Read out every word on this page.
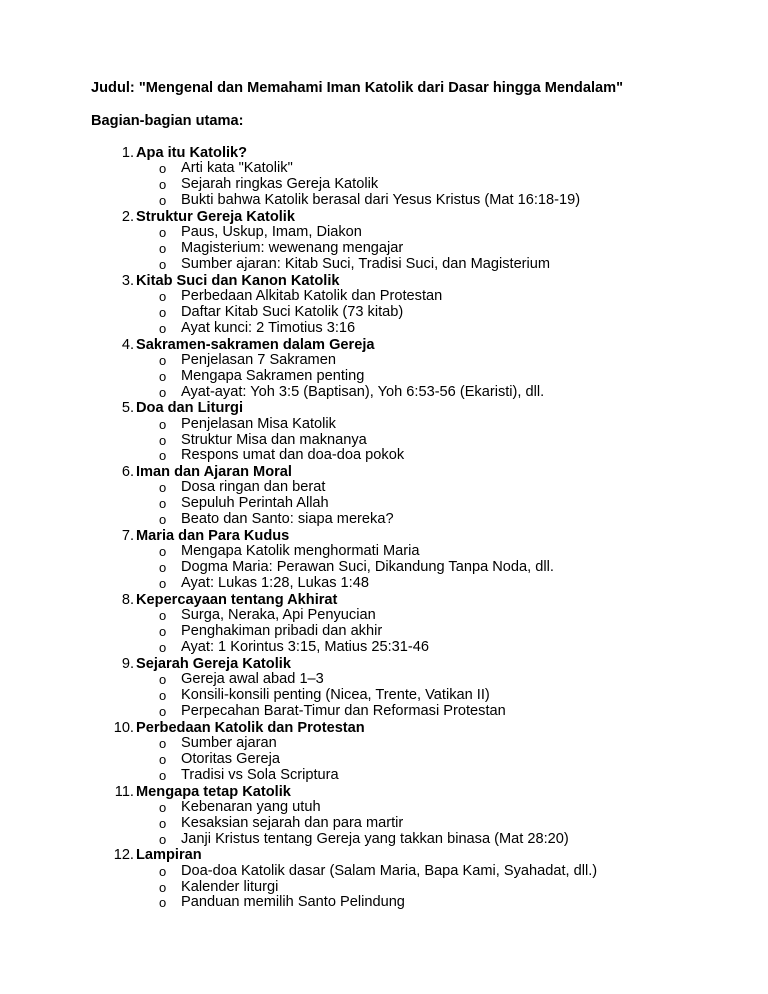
Judul: "Mengenal dan Memahami Iman Katolik dari Dasar hingga Mendalam"
Bagian-bagian utama:
1. Apa itu Katolik?
o Arti kata "Katolik"
o Sejarah ringkas Gereja Katolik
o Bukti bahwa Katolik berasal dari Yesus Kristus (Mat 16:18-19)
2. Struktur Gereja Katolik
o Paus, Uskup, Imam, Diakon
o Magisterium: wewenang mengajar
o Sumber ajaran: Kitab Suci, Tradisi Suci, dan Magisterium
3. Kitab Suci dan Kanon Katolik
o Perbedaan Alkitab Katolik dan Protestan
o Daftar Kitab Suci Katolik (73 kitab)
o Ayat kunci: 2 Timotius 3:16
4. Sakramen-sakramen dalam Gereja
o Penjelasan 7 Sakramen
o Mengapa Sakramen penting
o Ayat-ayat: Yoh 3:5 (Baptisan), Yoh 6:53-56 (Ekaristi), dll.
5. Doa dan Liturgi
o Penjelasan Misa Katolik
o Struktur Misa dan maknanya
o Respons umat dan doa-doa pokok
6. Iman dan Ajaran Moral
o Dosa ringan dan berat
o Sepuluh Perintah Allah
o Beato dan Santo: siapa mereka?
7. Maria dan Para Kudus
o Mengapa Katolik menghormati Maria
o Dogma Maria: Perawan Suci, Dikandung Tanpa Noda, dll.
o Ayat: Lukas 1:28, Lukas 1:48
8. Kepercayaan tentang Akhirat
o Surga, Neraka, Api Penyucian
o Penghakiman pribadi dan akhir
o Ayat: 1 Korintus 3:15, Matius 25:31-46
9. Sejarah Gereja Katolik
o Gereja awal abad 1–3
o Konsili-konsili penting (Nicea, Trente, Vatikan II)
o Perpecahan Barat-Timur dan Reformasi Protestan
10. Perbedaan Katolik dan Protestan
o Sumber ajaran
o Otoritas Gereja
o Tradisi vs Sola Scriptura
11. Mengapa tetap Katolik
o Kebenaran yang utuh
o Kesaksian sejarah dan para martir
o Janji Kristus tentang Gereja yang takkan binasa (Mat 28:20)
12. Lampiran
o Doa-doa Katolik dasar (Salam Maria, Bapa Kami, Syahadat, dll.)
o Kalender liturgi
o Panduan memilih Santo Pelindung
